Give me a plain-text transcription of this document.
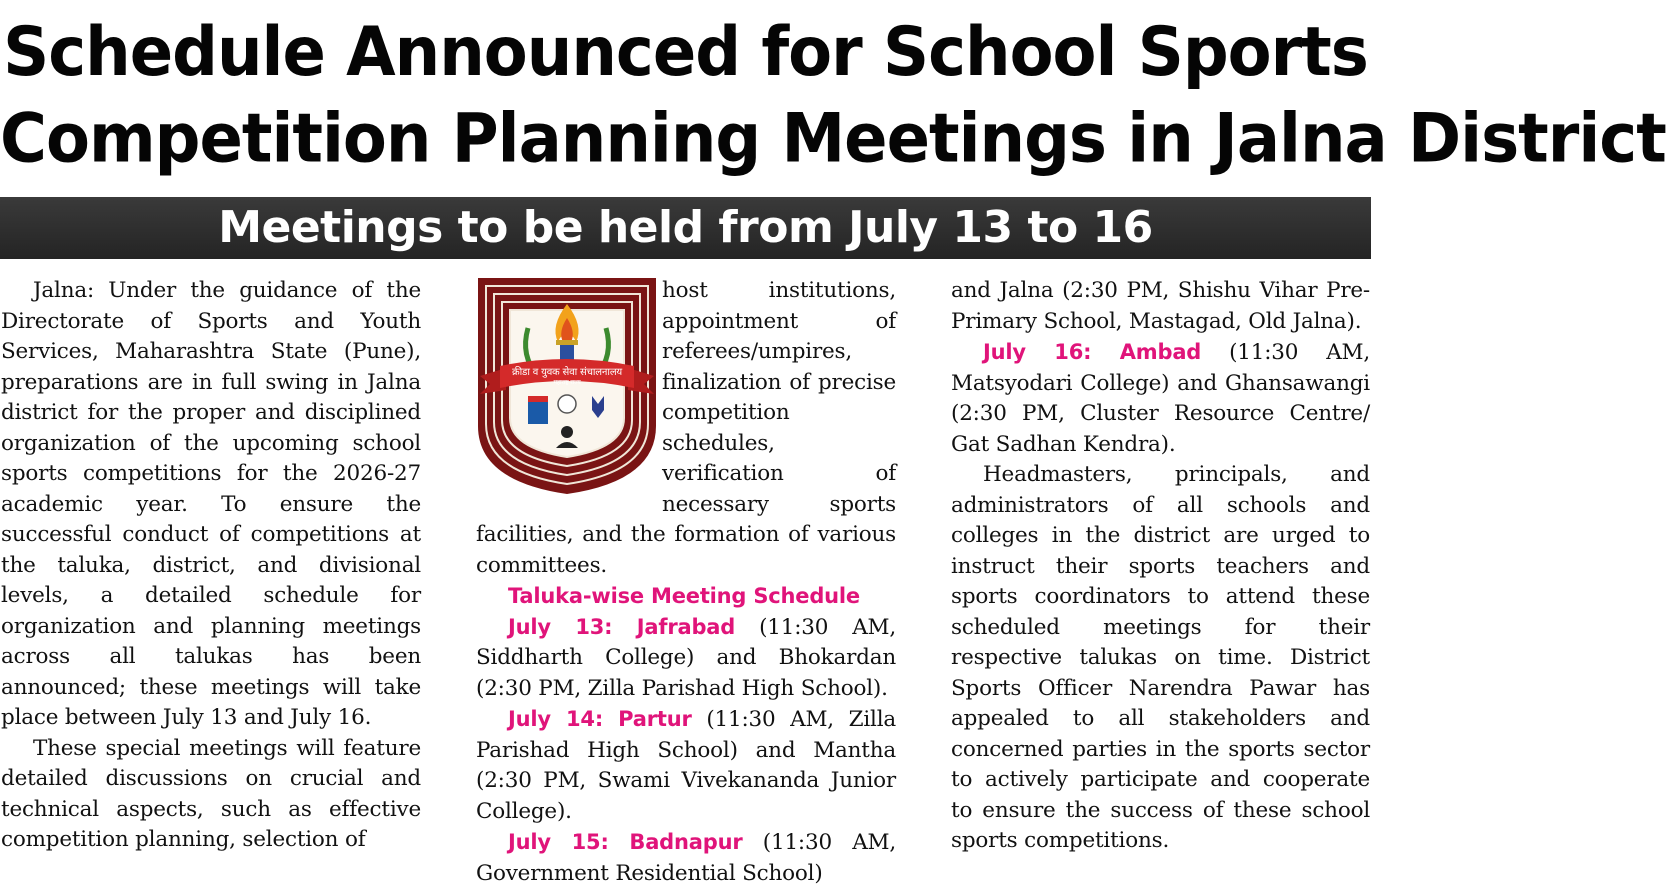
Schedule Announced for School Sports
Competition Planning Meetings in Jalna District
Meetings to be held from July 13 to 16

Jalna: Under the guidance of the Directorate of Sports and Youth Services, Maharashtra State (Pune), preparations are in full swing in Jalna district for the proper and disciplined organization of the upcoming school sports competitions for the 2026-27 academic year. To ensure the successful conduct of competitions at the taluka, district, and divisional levels, a detailed schedule for organization and planning meetings across all talukas has been announced; these meetings will take place between July 13 and July 16.

These special meetings will feature detailed discussions on crucial and technical aspects, such as effective competition planning, selection of

क्रीडा व युवक सेवा संचालनालय
महाराष्ट्र राज्य

host institutions, appointment of referees/umpires, finalization of precise competition schedules, verification of necessary sports facilities, and the formation of various committees.

Taluka-wise Meeting Schedule

July 13: Jafrabad (11:30 AM, Siddharth College) and Bhokardan (2:30 PM, Zilla Parishad High School).

July 14: Partur (11:30 AM, Zilla Parishad High School) and Mantha (2:30 PM, Swami Vivekananda Junior College).

July 15: Badnapur (11:30 AM, Government Residential School)

and Jalna (2:30 PM, Shishu Vihar Pre-Primary School, Mastagad, Old Jalna).

July 16: Ambad (11:30 AM, Matsyodari College) and Ghansawangi (2:30 PM, Cluster Resource Centre/ Gat Sadhan Kendra).

Headmasters, principals, and administrators of all schools and colleges in the district are urged to instruct their sports teachers and sports coordinators to attend these scheduled meetings for their respective talukas on time. District Sports Officer Narendra Pawar has appealed to all stakeholders and concerned parties in the sports sector to actively participate and cooperate to ensure the success of these school sports competitions.
